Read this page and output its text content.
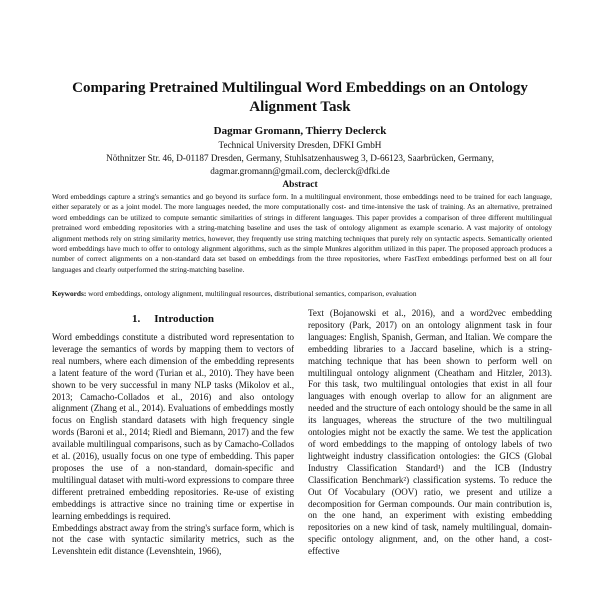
Comparing Pretrained Multilingual Word Embeddings on an Ontology
Alignment Task
Dagmar Gromann, Thierry Declerck
Technical University Dresden, DFKI GmbH
Nöthnitzer Str. 46, D-01187 Dresden, Germany, Stuhlsatzenhausweg 3, D-66123, Saarbrücken, Germany,
dagmar.gromann@gmail.com, declerck@dfki.de
Abstract
Word embeddings capture a string's semantics and go beyond its surface form. In a multilingual environment, those embeddings need to be trained for each language, either separately or as a joint model. The more languages needed, the more computationally cost- and time-intensive the task of training. As an alternative, pretrained word embeddings can be utilized to compute semantic similarities of strings in different languages. This paper provides a comparison of three different multilingual pretrained word embedding repositories with a string-matching baseline and uses the task of ontology alignment as example scenario. A vast majority of ontology alignment methods rely on string similarity metrics, however, they frequently use string matching techniques that purely rely on syntactic aspects. Semantically oriented word embeddings have much to offer to ontology alignment algorithms, such as the simple Munkres algorithm utilized in this paper. The proposed approach produces a number of correct alignments on a non-standard data set based on embeddings from the three repositories, where FastText embeddings performed best on all four languages and clearly outperformed the string-matching baseline.
Keywords: word embeddings, ontology alignment, multilingual resources, distributional semantics, comparison, evaluation
1. Introduction

Word embeddings constitute a distributed word representation to leverage the semantics of words by mapping them to vectors of real numbers, where each dimension of the embedding represents a latent feature of the word (Turian et al., 2010). They have been shown to be very successful in many NLP tasks (Mikolov et al., 2013; Camacho-Collados et al., 2016) and also ontology alignment (Zhang et al., 2014). Evaluations of embeddings mostly focus on English standard datasets with high frequency single words (Baroni et al., 2014; Riedl and Biemann, 2017) and the few available multilingual comparisons, such as by Camacho-Collados et al. (2016), usually focus on one type of embedding. This paper proposes the use of a non-standard, domain-specific and multilingual dataset with multi-word expressions to compare three different pretrained embedding repositories. Re-use of existing embeddings is attractive since no training time or expertise in learning embeddings is required.

Embeddings abstract away from the string's surface form, which is not the case with syntactic similarity metrics, such as the Levenshtein edit distance (Levenshtein, 1966),

Text (Bojanowski et al., 2016), and a word2vec embedding repository (Park, 2017) on an ontology alignment task in four languages: English, Spanish, German, and Italian. We compare the embedding libraries to a Jaccard baseline, which is a string-matching technique that has been shown to perform well on multilingual ontology alignment (Cheatham and Hitzler, 2013). For this task, two multilingual ontologies that exist in all four languages with enough overlap to allow for an alignment are needed and the structure of each ontology should be the same in all its languages, whereas the structure of the two multilingual ontologies might not be exactly the same. We test the application of word embeddings to the mapping of ontology labels of two lightweight industry classification ontologies: the GICS (Global Industry Classification Standard¹) and the ICB (Industry Classification Benchmark²) classification systems. To reduce the Out Of Vocabulary (OOV) ratio, we present and utilize a decomposition for German compounds. Our main contribution is, on the one hand, an experiment with existing embedding repositories on a new kind of task, namely multilingual, domain-specific ontology alignment, and, on the other hand, a cost-effective
